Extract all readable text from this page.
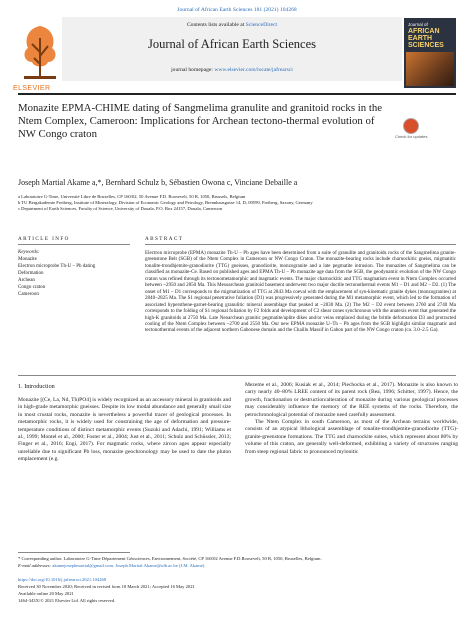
Journal of African Earth Sciences 181 (2021) 104268
Contents lists available at ScienceDirect
Journal of African Earth Sciences
journal homepage: www.elsevier.com/locate/jafrearsci
ELSEVIER
Journal of
AFRICAN EARTH SCIENCES
Monazite EPMA-CHIME dating of Sangmelima granulite and granitoid rocks in the Ntem Complex, Cameroon: Implications for Archean tectono-thermal evolution of NW Congo craton	Check for updates
Joseph Martial Akame a,*, Bernhard Schulz b, Sébastien Owona c, Vinciane Debaille a
a Laboratoire G-Time, Université Libre de Bruxelles, CP 160/02, 50 Avenue F.D. Roosevelt, 50 B, 1050, Brussels, Belgium
b TU Bergakademie Freiberg, Institute of Mineralogy, Division of Economic Geology and Petrology, Brennhausgasse 14, D, 09599, Freiberg, Saxony, Germany
c Department of Earth Sciences, Faculty of Science, University of Douala, P.O. Box 24157, Douala, Cameroon
ARTICLE INFO	ABSTRACT
Keywords:
Monazite
Electron microprobe Th-U – Pb dating
Deformation
Archean
Congo craton
Cameroon
Electron microprobe (EPMA) monazite Th-U – Pb ages have been determined from a suite of granulite and granitoids rocks of the Sangmelima granite-greenstone Belt (SGB) of the Ntem Complex in Cameroon or NW Congo Craton. The monazite-bearing rocks include charnockitic gneiss, migmatitic tonalite-trondhjemite-granodiorite (TTG) gneisses, granodiorite, monzogranite and a late pegmatite intrusion. The monazites of Sangmelima can be classified as monazite-Ce. Based on published ages and EPMA Th-U – Pb monazite age data from the SGB, the geodynamic evolution of the NW Congo craton was refined through its tectonometamorphic and magmatic events. The major charnockitic and TTG magmatism event in Ntem Complex occurred between ~2950 and 2850 Ma. This Mesoarchean granitoid basement underwent two major ductile tectonothermal events M1 – D1 and M2 – D2. (1) The onset of M1 – D1 corresponds to the migmatization of TTG at 2843 Ma coeval with the emplacement of syn-kinematic granite dykes (monzogranites) at 2840–2825 Ma. The S1 regional penetrative foliation (D1) was progressively generated during the M1 metamorphic event, which led to the formation of associated hypersthene-garnet-bearing granulitic mineral assemblage that peaked at ~2830 Ma. (2) The M2 – D2 event between 2760 and 2740 Ma corresponds to the folding of S1 regional foliation by F2 folds and development of C2 shear zones synchronous with the anatexis event that generated the high-K granitoids at 2750 Ma. Late Neoarchean granitic pegmatite/aplite dikes and/or veins emplaced during the brittle deformation D3 and protracted cooling of the Ntem Complex between ~2700 and 2550 Ma. Our new EPMA monazite U–Th – Pb ages from the SGB highlight similar magmatic and tectonothermal events of the adjacent northern Gabonese domain and the Chaillu Massif in Gabon part of the NW Congo craton (ca. 3.0–2.5 Ga).
1. Introduction
Monazite [(Ce, La, Nd, Th)PO4] is widely recognized as an accessory mineral in granitoids and in high-grade metamorphic gneisses. Despite its low modal abundance and generally small size in most crustal rocks, monazite is nevertheless a powerful tracer of geological processes. In metamorphic rocks, it is widely used for constraining the age of deformation and pressure-temperature conditions of distinct metamorphic events (Suzuki and Adachi, 1991; Williams et al., 1999; Montel et al., 2000; Foster et al., 2004; Just et al., 2011; Schulz and Schüssler, 2013; Finger et al., 2016; Engi, 2017). For magmatic rocks, where zircon ages appear especially unreliable due to significant Pb loss, monazite geochronology may be used to date the pluton emplacement (e.g.
Mezeme et al., 2006; Kusiak et al., 2014; Piechocka et al., 2017). Monazite is also known to carry nearly 40–80% LREE content of its parent rock (Bea, 1996; Schitter, 1997). Hence, the growth, fractionation or destruction/alteration of monazite during various geological processes may considerably influence the memory of the REE systems of the rocks. Therefore, the petrochronological potential of monazite need carefully assessment.
The Ntem Complex in south Cameroon, as most of the Archean terrains worldwide, consists of an atypical lithological assemblage of tonalite-trondhjemite-granodiorite (TTG)-granite-greenstone formations. The TTG and charnockite suites, which represent about 80% by volume of this craton, are generally well-deformed, exhibiting a variety of structures ranging from steep regional fabric to pronounced mylonitic
* Corresponding author. Laboratoire G-Time Département Géosciences, Environnement, Société, CP 160/02 Avenue F.D.Roosevelt, 50 B, 1050, Bruxelles, Belgium.
E-mail addresses: akamejosephmartial@gmail.com, Joseph.Martial.Akame@ulb.ac.be (J.M. Akame).
https://doi.org/10.1016/j.jafrearsci.2021.104268
Received 30 November 2020; Received in revised form 18 March 2021; Accepted 16 May 2021
Available online 20 May 2021
1464-343X/© 2021 Elsevier Ltd. All rights reserved.
